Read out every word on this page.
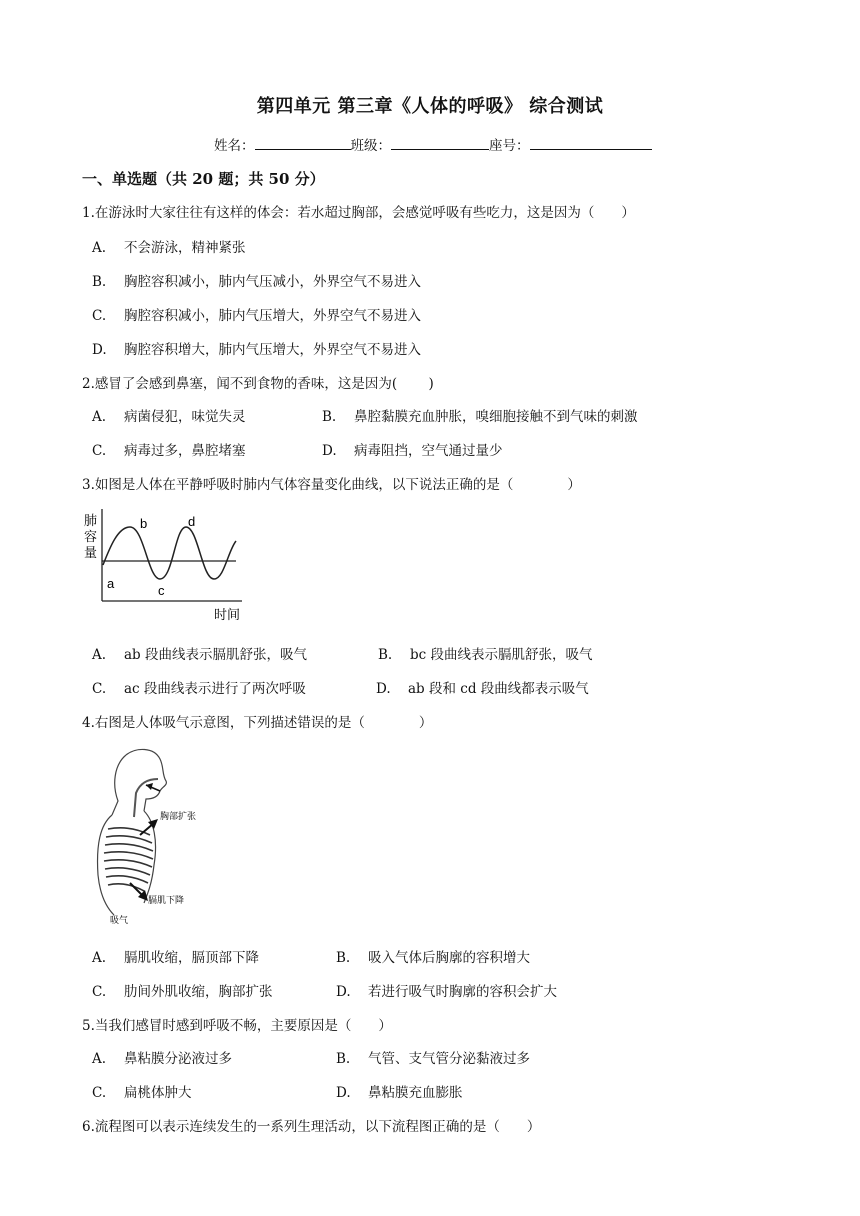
第四单元 第三章《人体的呼吸》 综合测试
姓名：	班级：	座号：
一、单选题（共 20 题；共 50 分）
1.在游泳时大家往往有这样的体会：若水超过胸部，会感觉呼吸有些吃力，这是因为（　　）
A. 不会游泳，精神紧张
B. 胸腔容积减小，肺内气压减小，外界空气不易进入
C. 胸腔容积减小，肺内气压增大，外界空气不易进入
D. 胸腔容积增大，肺内气压增大，外界空气不易进入
2.感冒了会感到鼻塞，闻不到食物的香味，这是因为(　　 )
A. 病菌侵犯，味觉失灵	B. 鼻腔黏膜充血肿胀，嗅细胞接触不到气味的刺激
C. 病毒过多，鼻腔堵塞	D. 病毒阻挡，空气通过量少
3.如图是人体在平静呼吸时肺内气体容量变化曲线，以下说法正确的是（　　　　）
肺
容
量
b	d
a	c
时间
A. ab 段曲线表示膈肌舒张，吸气	B. bc 段曲线表示膈肌舒张，吸气
C. ac 段曲线表示进行了两次呼吸	D. ab 段和 cd 段曲线都表示吸气
4.右图是人体吸气示意图，下列描述错误的是（　　　　）
胸部扩张
膈肌下降
吸气
A. 膈肌收缩，膈顶部下降	B. 吸入气体后胸廓的容积增大
C. 肋间外肌收缩，胸部扩张	D. 若进行吸气时胸廓的容积会扩大
5.当我们感冒时感到呼吸不畅，主要原因是（　　）
A. 鼻粘膜分泌液过多	B. 气管、支气管分泌黏液过多
C. 扁桃体肿大	D. 鼻粘膜充血膨胀
6.流程图可以表示连续发生的一系列生理活动，以下流程图正确的是（　　）
